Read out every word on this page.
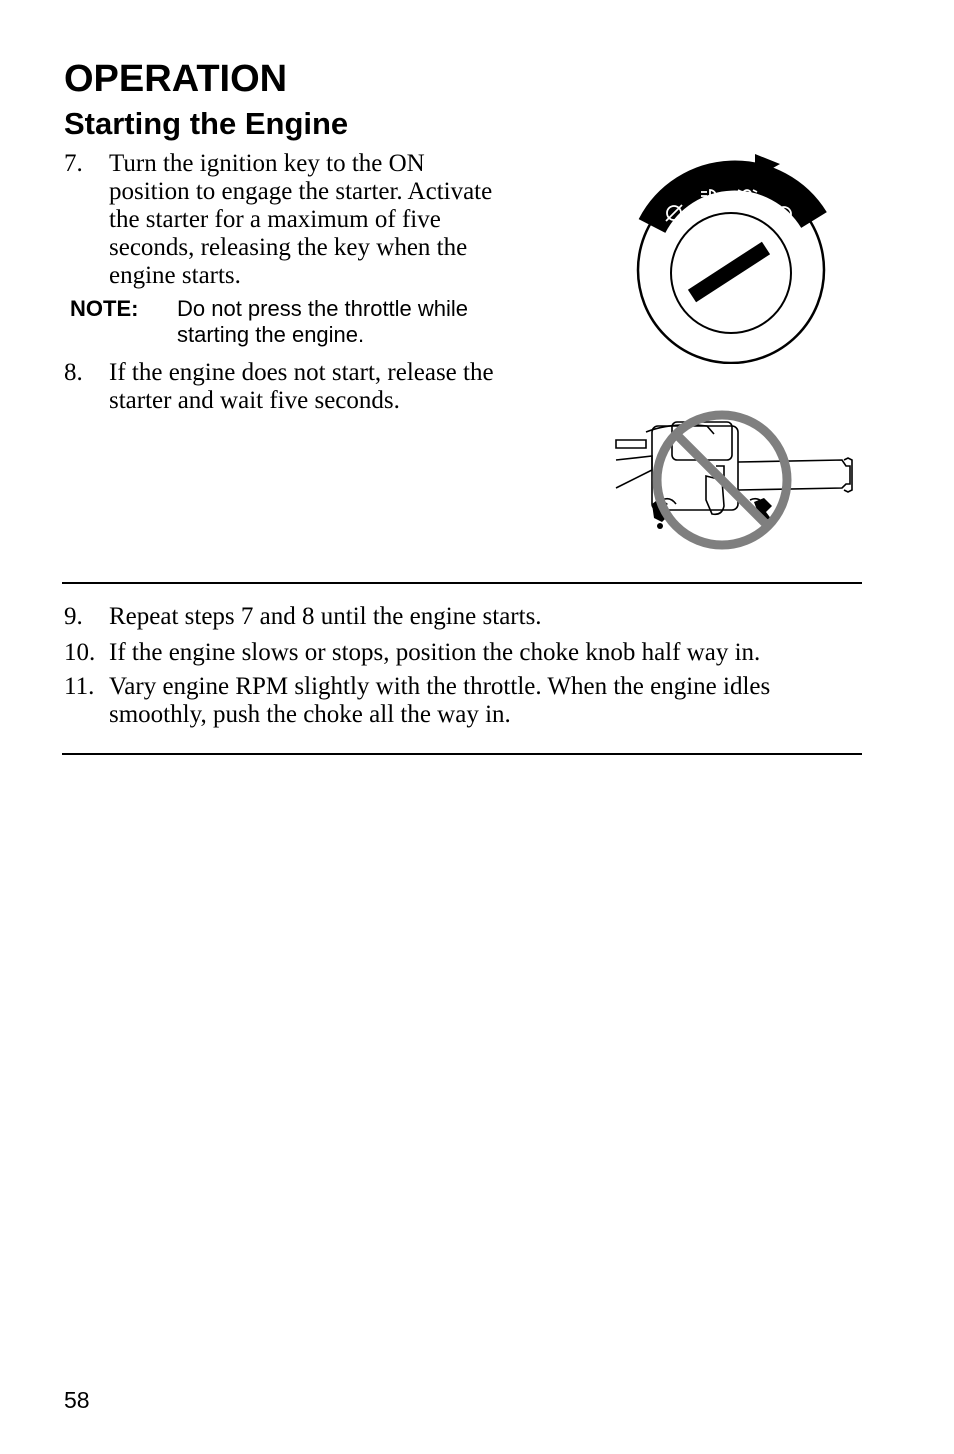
OPERATION
Starting the Engine
7. Turn the ignition key to the ON
position to engage the starter. Activate
the starter for a maximum of five
seconds, releasing the key when the
engine starts.
NOTE: Do not press the throttle while
starting the engine.
8. If the engine does not start, release the
starter and wait five seconds.
9. Repeat steps 7 and 8 until the engine starts.
10. If the engine slows or stops, position the choke knob half way in.
11. Vary engine RPM slightly with the throttle. When the engine idles
smoothly, push the choke all the way in.
58
